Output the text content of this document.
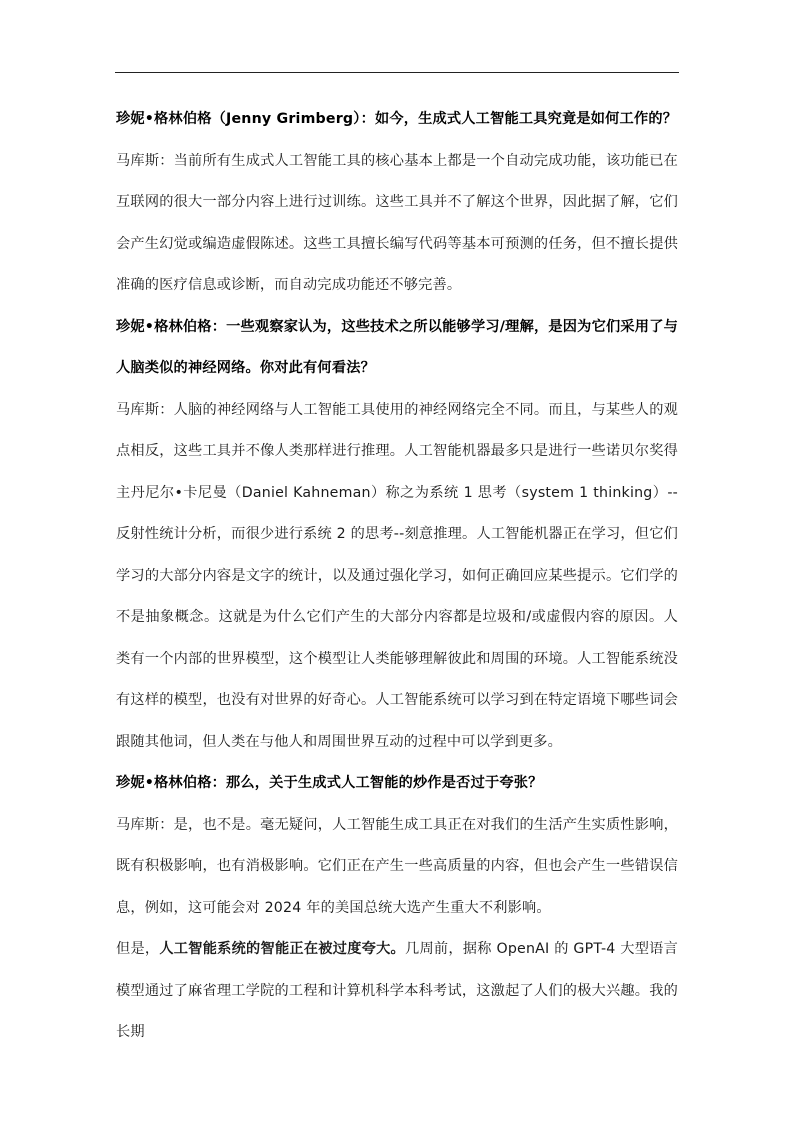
珍妮•格林伯格（Jenny Grimberg）：如今，生成式人工智能工具究竟是如何工作的？

马库斯：当前所有生成式人工智能工具的核心基本上都是一个自动完成功能，该功能已在互联网的很大一部分内容上进行过训练。这些工具并不了解这个世界，因此据了解，它们会产生幻觉或编造虚假陈述。这些工具擅长编写代码等基本可预测的任务，但不擅长提供准确的医疗信息或诊断，而自动完成功能还不够完善。

珍妮•格林伯格：一些观察家认为，这些技术之所以能够学习/理解，是因为它们采用了与人脑类似的神经网络。你对此有何看法？

马库斯：人脑的神经网络与人工智能工具使用的神经网络完全不同。而且，与某些人的观点相反，这些工具并不像人类那样进行推理。人工智能机器最多只是进行一些诺贝尔奖得主丹尼尔•卡尼曼（Daniel Kahneman）称之为系统 1 思考（system 1 thinking）--反射性统计分析，而很少进行系统 2 的思考--刻意推理。人工智能机器正在学习，但它们学习的大部分内容是文字的统计，以及通过强化学习，如何正确回应某些提示。它们学的不是抽象概念。这就是为什么它们产生的大部分内容都是垃圾和/或虚假内容的原因。人类有一个内部的世界模型，这个模型让人类能够理解彼此和周围的环境。人工智能系统没有这样的模型，也没有对世界的好奇心。人工智能系统可以学习到在特定语境下哪些词会跟随其他词，但人类在与他人和周围世界互动的过程中可以学到更多。

珍妮•格林伯格：那么，关于生成式人工智能的炒作是否过于夸张？

马库斯：是，也不是。毫无疑问，人工智能生成工具正在对我们的生活产生实质性影响，既有积极影响，也有消极影响。它们正在产生一些高质量的内容，但也会产生一些错误信息，例如，这可能会对 2024 年的美国总统大选产生重大不利影响。

但是，人工智能系统的智能正在被过度夸大。几周前，据称 OpenAI 的 GPT-4 大型语言模型通过了麻省理工学院的工程和计算机科学本科考试，这激起了人们的极大兴趣。我的长期
